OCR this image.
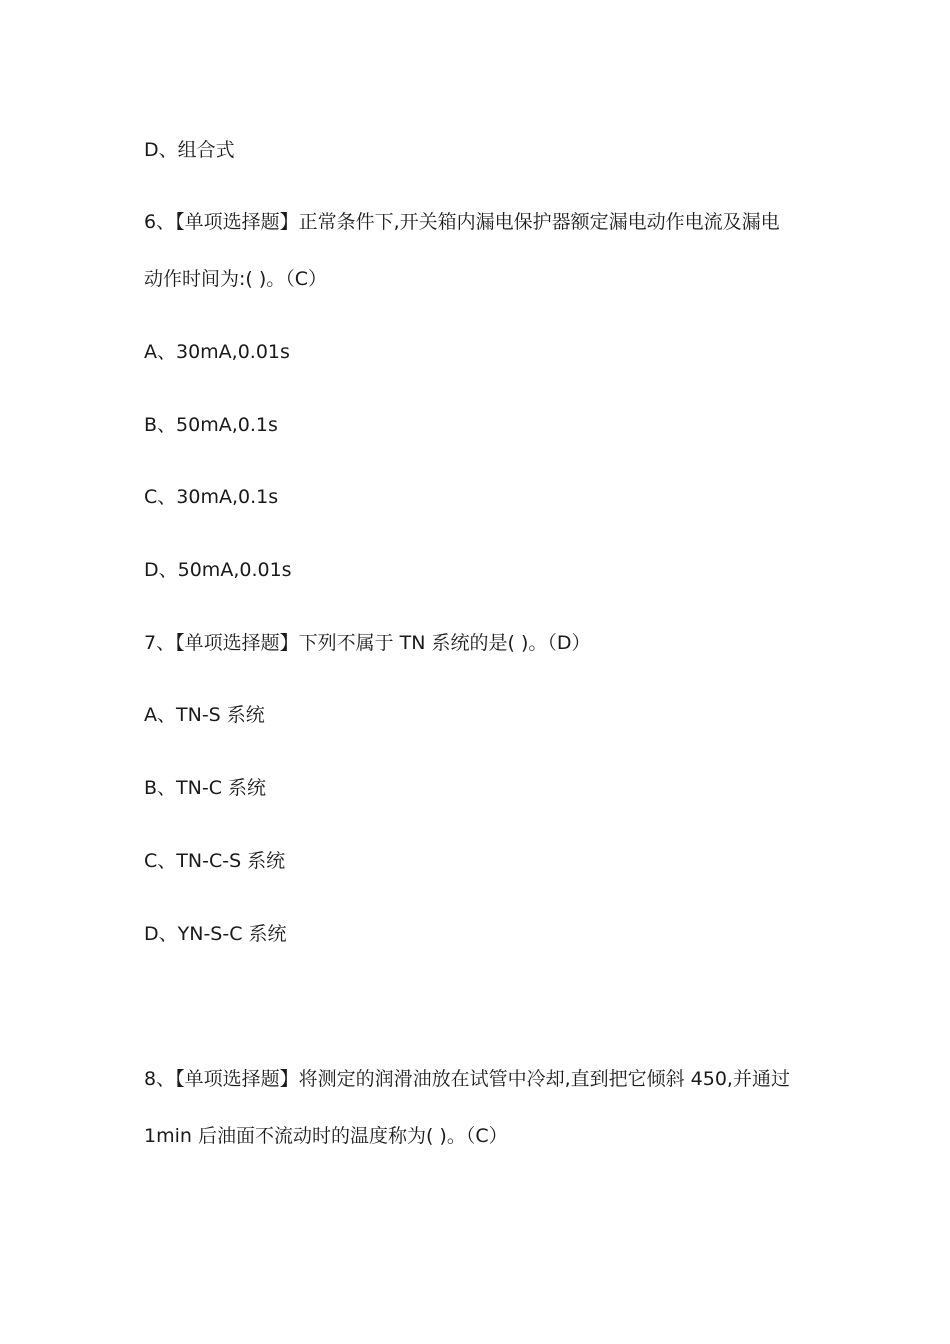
D、组合式
6、【单项选择题】正常条件下,开关箱内漏电保护器额定漏电动作电流及漏电
动作时间为:( )。（C）
A、30mA,0.01s
B、50mA,0.1s
C、30mA,0.1s
D、50mA,0.01s
7、【单项选择题】下列不属于 TN 系统的是( )。（D）
A、TN-S 系统
B、TN-C 系统
C、TN-C-S 系统
D、YN-S-C 系统
8、【单项选择题】将测定的润滑油放在试管中冷却,直到把它倾斜 450,并通过
1min 后油面不流动时的温度称为( )。（C）
